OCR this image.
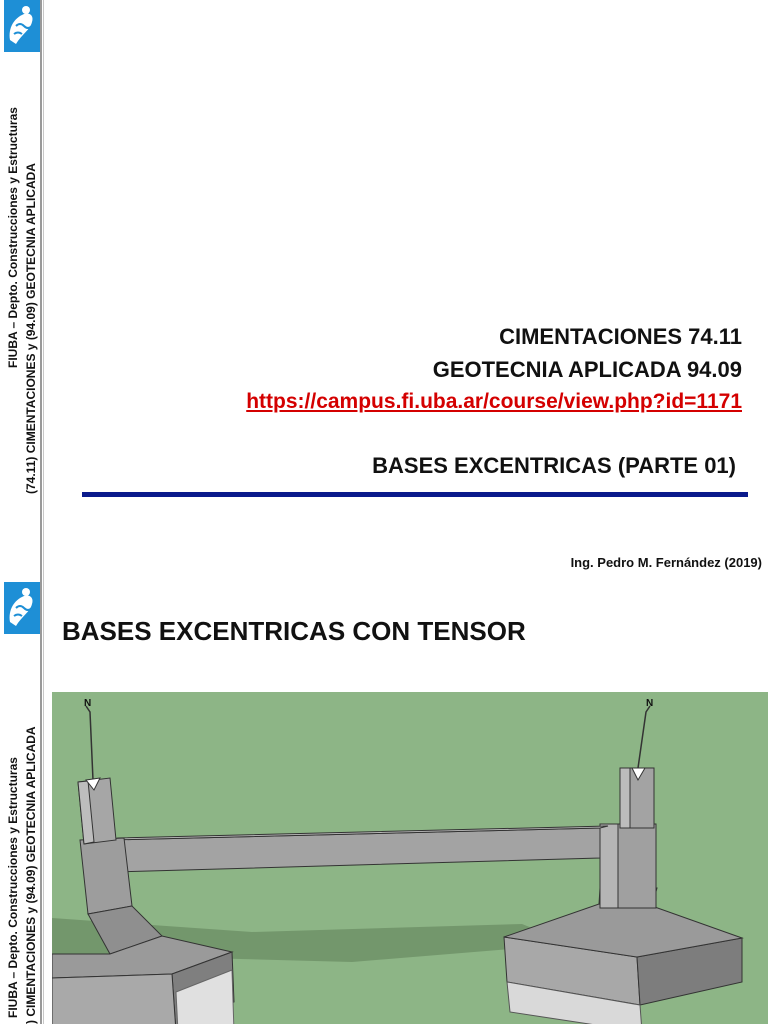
FIUBA – Depto. Construcciones y Estructuras (74.11) CIMENTACIONES y (94.09) GEOTECNIA APLICADA	CIMENTACIONES 74.11
GEOTECNIA APLICADA 94.09
https://campus.fi.uba.ar/course/view.php?id=1171
BASES EXCENTRICAS (PARTE 01)
Ing. Pedro M. Fernández (2019)
FIUBA – Depto. Construcciones y Estructuras ) CIMENTACIONES y (94.09) GEOTECNIA APLICADA
BASES EXCENTRICAS CON TENSOR
N	N
